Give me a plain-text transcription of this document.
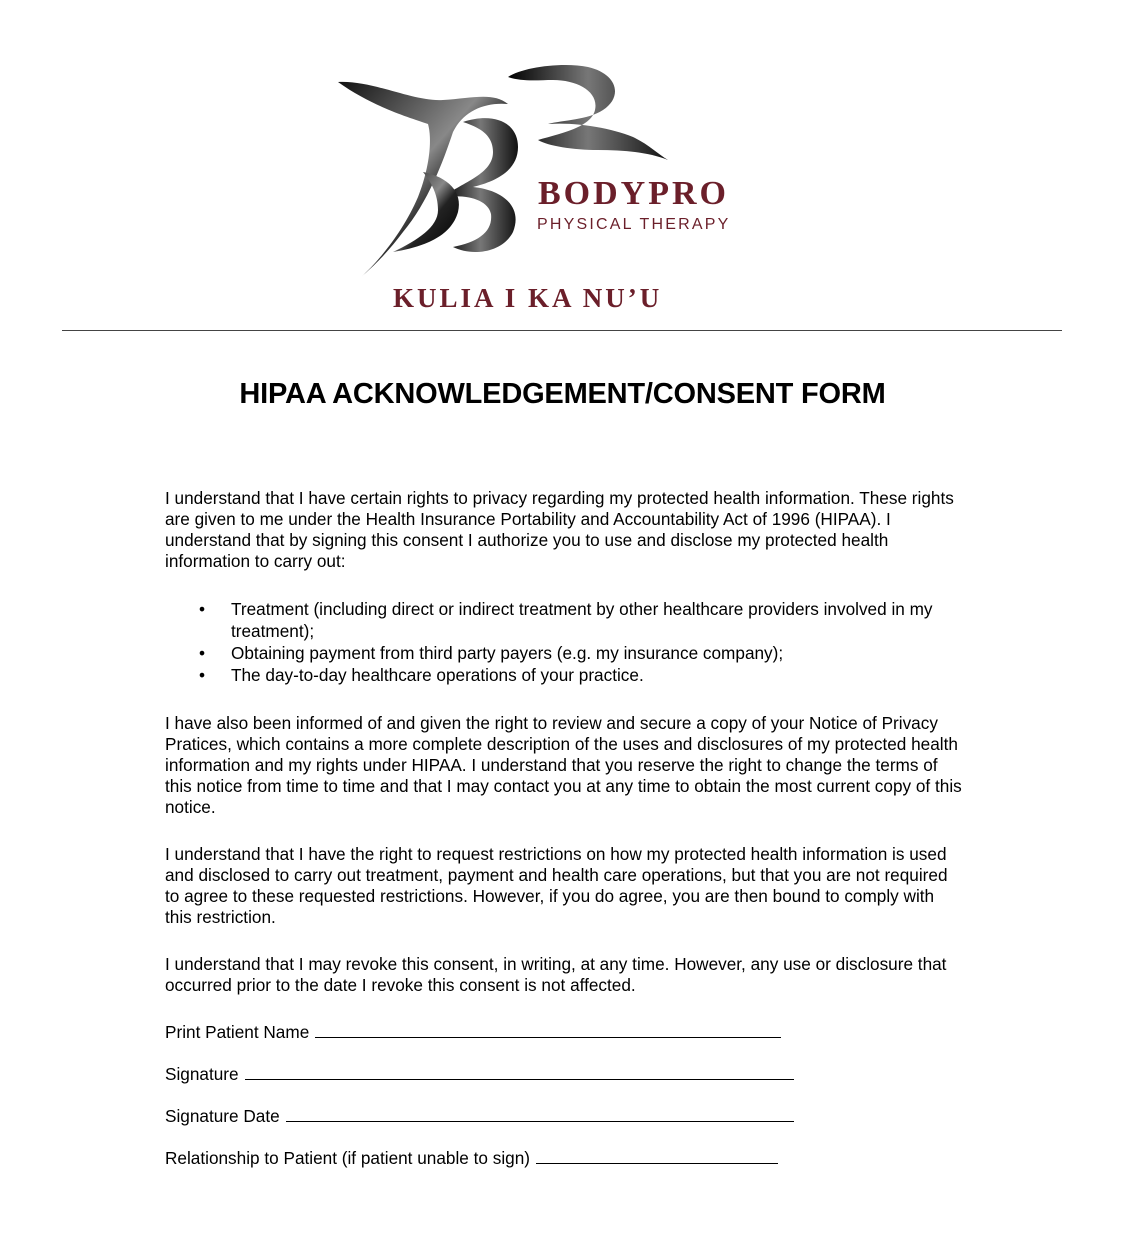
BODYPRO
PHYSICAL THERAPY
KULIA I KA NU’U
HIPAA ACKNOWLEDGEMENT/CONSENT FORM

I understand that I have certain rights to privacy regarding my protected health information. These rights are given to me under the Health Insurance Portability and Accountability Act of 1996 (HIPAA). I understand that by signing this consent I authorize you to use and disclose my protected health information to carry out:

• Treatment (including direct or indirect treatment by other healthcare providers involved in my treatment);
• Obtaining payment from third party payers (e.g. my insurance company);
• The day-to-day healthcare operations of your practice.

I have also been informed of and given the right to review and secure a copy of your Notice of Privacy Pratices, which contains a more complete description of the uses and disclosures of my protected health information and my rights under HIPAA. I understand that you reserve the right to change the terms of this notice from time to time and that I may contact you at any time to obtain the most current copy of this notice.

I understand that I have the right to request restrictions on how my protected health information is used and disclosed to carry out treatment, payment and health care operations, but that you are not required to agree to these requested restrictions. However, if you do agree, you are then bound to comply with this restriction.

I understand that I may revoke this consent, in writing, at any time. However, any use or disclosure that occurred prior to the date I revoke this consent is not affected.

Print Patient Name
Signature
Signature Date
Relationship to Patient (if patient unable to sign)
